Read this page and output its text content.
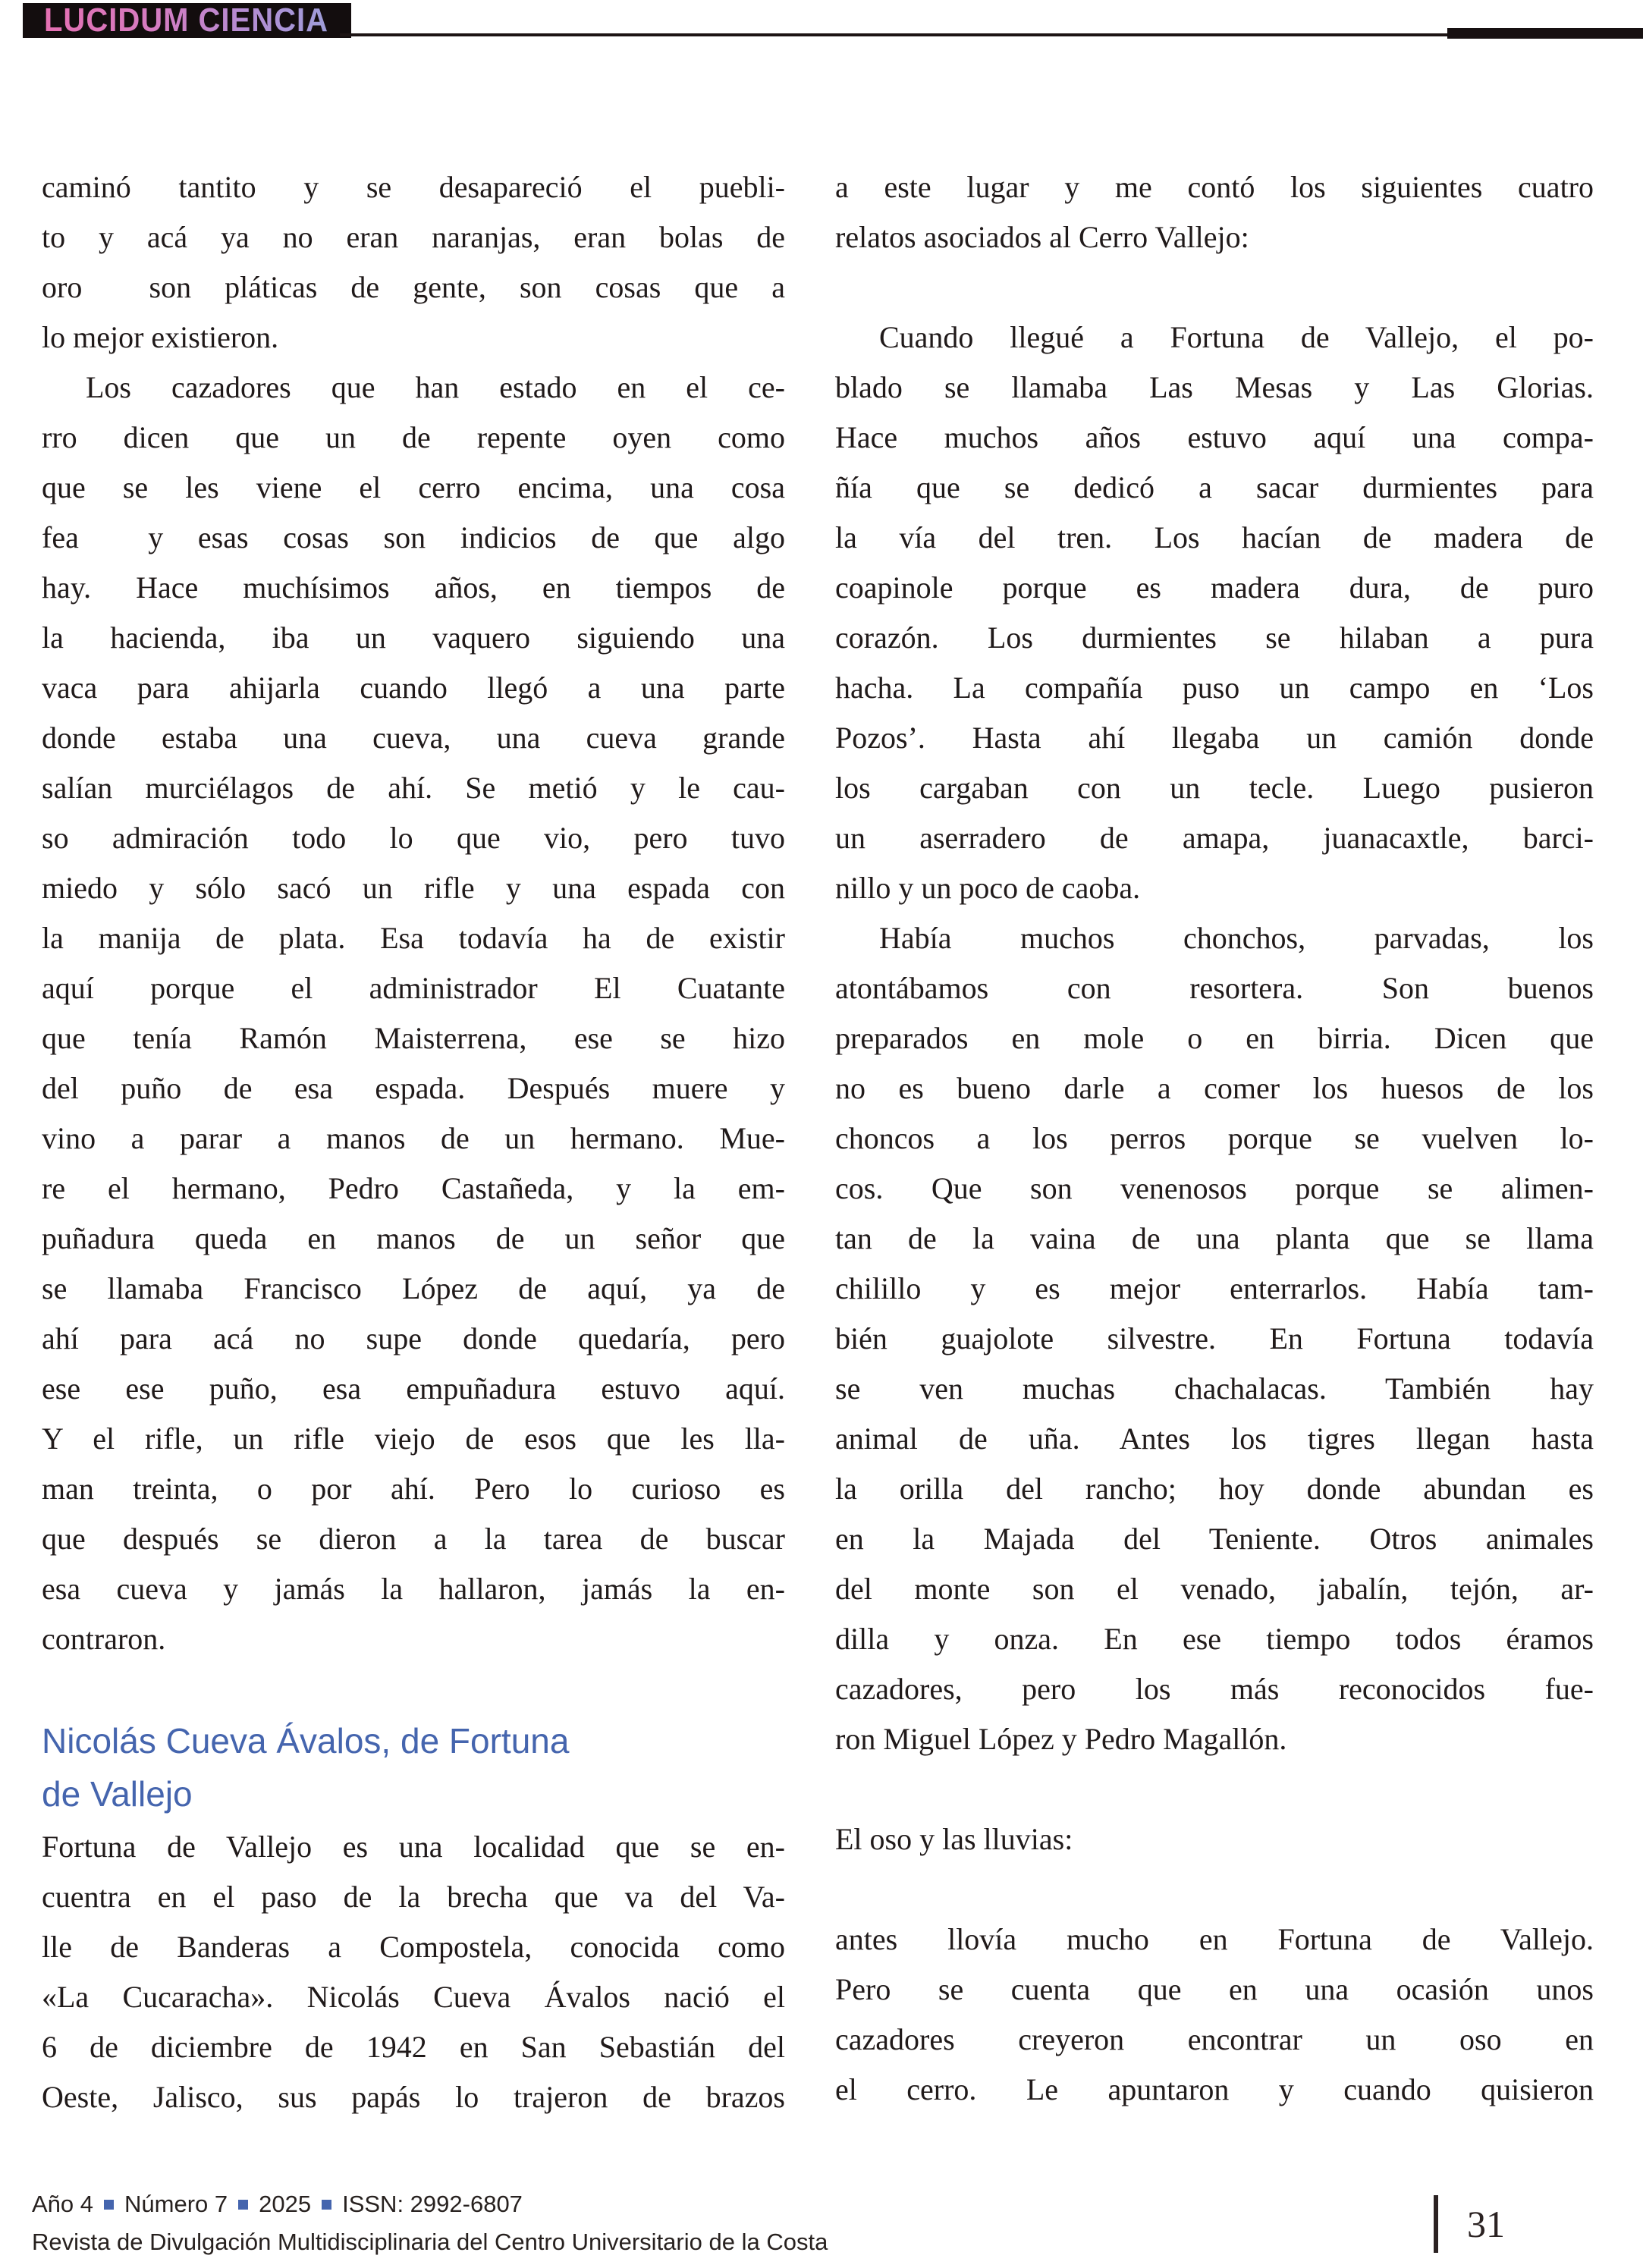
LUCIDUM CIENCIA
caminó tantito y se desapareció el puebli-
to y acá ya no eran naranjas, eran bolas de
oro  son pláticas de gente, son cosas que a
lo mejor existieron.
Los cazadores que han estado en el ce-
rro dicen que un de repente oyen como
que se les viene el cerro encima, una cosa
fea  y esas cosas son indicios de que algo
hay. Hace muchísimos años, en tiempos de
la hacienda, iba un vaquero siguiendo una
vaca para ahijarla cuando llegó a una parte
donde estaba una cueva, una cueva grande
salían murciélagos de ahí. Se metió y le cau-
so admiración todo lo que vio, pero tuvo
miedo y sólo sacó un rifle y una espada con
la manija de plata. Esa todavía ha de existir
aquí porque el administrador El Cuatante
que tenía Ramón Maisterrena, ese se hizo
del puño de esa espada. Después muere y
vino a parar a manos de un hermano. Mue-
re el hermano, Pedro Castañeda, y la em-
puñadura queda en manos de un señor que
se llamaba Francisco López de aquí, ya de
ahí para acá no supe donde quedaría, pero
ese ese puño, esa empuñadura estuvo aquí.
Y el rifle, un rifle viejo de esos que les lla-
man treinta, o por ahí. Pero lo curioso es
que después se dieron a la tarea de buscar
esa cueva y jamás la hallaron, jamás la en-
contraron.
Nicolás Cueva Ávalos, de Fortuna
de Vallejo
Fortuna de Vallejo es una localidad que se en-
cuentra en el paso de la brecha que va del Va-
lle de Banderas a Compostela, conocida como
«La Cucaracha». Nicolás Cueva Ávalos nació el
6 de diciembre de 1942 en San Sebastián del
Oeste, Jalisco, sus papás lo trajeron de brazos
a este lugar y me contó los siguientes cuatro
relatos asociados al Cerro Vallejo:
Cuando llegué a Fortuna de Vallejo, el po-
blado se llamaba Las Mesas y Las Glorias.
Hace muchos años estuvo aquí una compa-
ñía que se dedicó a sacar durmientes para
la vía del tren. Los hacían de madera de
coapinole porque es madera dura, de puro
corazón. Los durmientes se hilaban a pura
hacha. La compañía puso un campo en ‘Los
Pozos’. Hasta ahí llegaba un camión donde
los cargaban con un tecle. Luego pusieron
un aserradero de amapa, juanacaxtle, barci-
nillo y un poco de caoba.
Había muchos chonchos, parvadas, los
atontábamos con resortera. Son buenos
preparados en mole o en birria. Dicen que
no es bueno darle a comer los huesos de los
choncos a los perros porque se vuelven lo-
cos. Que son venenosos porque se alimen-
tan de la vaina de una planta que se llama
chilillo y es mejor enterrarlos. Había tam-
bién guajolote silvestre. En Fortuna todavía
se ven muchas chachalacas. También hay
animal de uña. Antes los tigres llegan hasta
la orilla del rancho; hoy donde abundan es
en la Majada del Teniente. Otros animales
del monte son el venado, jabalín, tejón, ar-
dilla y onza. En ese tiempo todos éramos
cazadores, pero los más reconocidos fue-
ron Miguel López y Pedro Magallón.
El oso y las lluvias:
antes llovía mucho en Fortuna de Vallejo.
Pero se cuenta que en una ocasión unos
cazadores creyeron encontrar un oso en
el cerro. Le apuntaron y cuando quisieron
Año 4 Número 7 2025 ISSN: 2992-6807
Revista de Divulgación Multidisciplinaria del Centro Universitario de la Costa	31
